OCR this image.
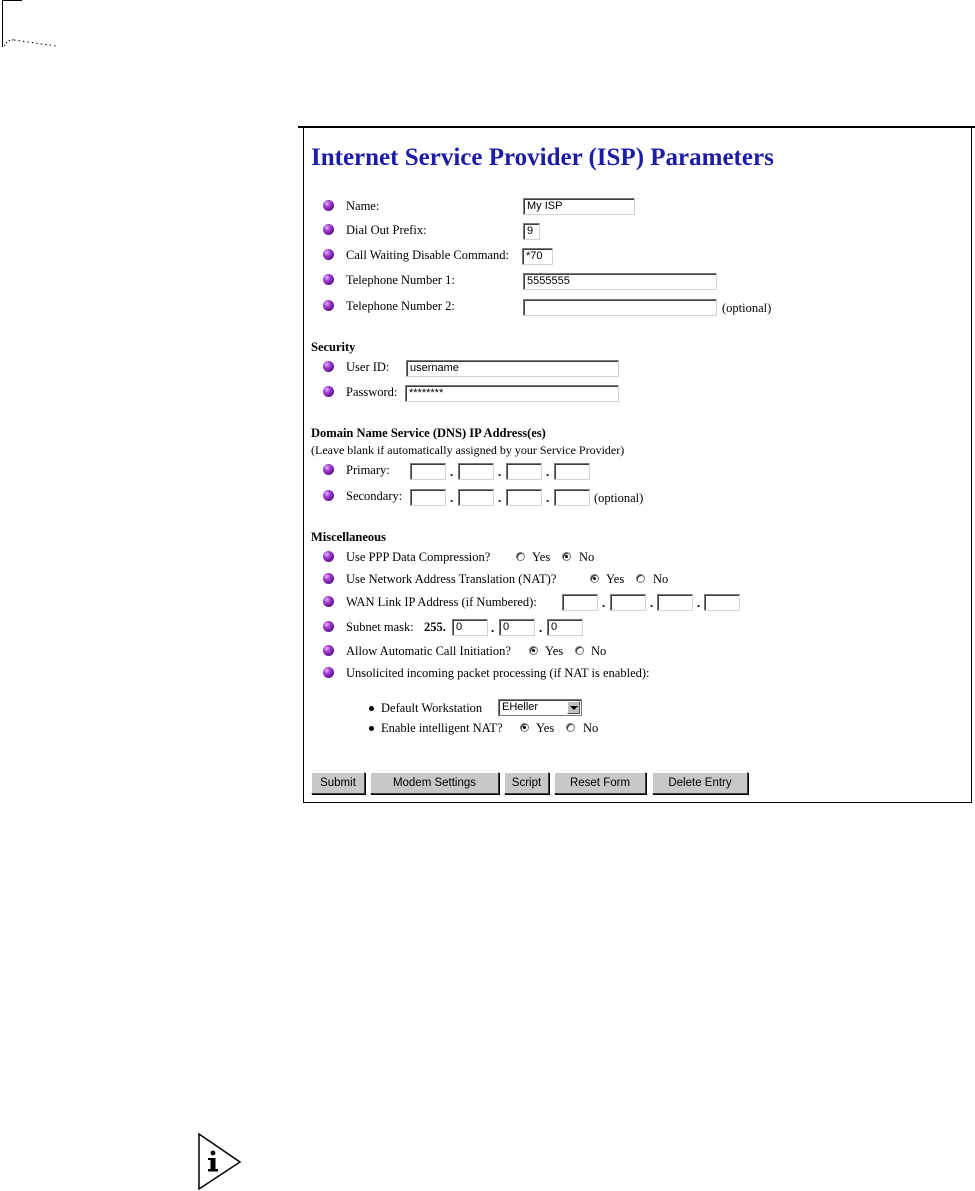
Internet Service Provider (ISP) Parameters
Name:	My ISP
Dial Out Prefix:	9
Call Waiting Disable Command:	*70
Telephone Number 1:	5555555
Telephone Number 2:	(optional)
Security
User ID:	username
Password:	********
Domain Name Service (DNS) IP Address(es)
(Leave blank if automatically assigned by your Service Provider)
Primary:	.	.	.
Secondary:	.	.	.	(optional)
Miscellaneous
Use PPP Data Compression?	Yes No
Use Network Address Translation (NAT)?	Yes No
WAN Link IP Address (if Numbered):	.	.	.
Subnet mask: 255. 0	. 0	. 0
Allow Automatic Call Initiation?	Yes No
Unsolicited incoming packet processing (if NAT is enabled):
Default Workstation	EHeller
Enable intelligent NAT?	Yes No
Submit	Modem Settings	Script	Reset Form	Delete Entry
